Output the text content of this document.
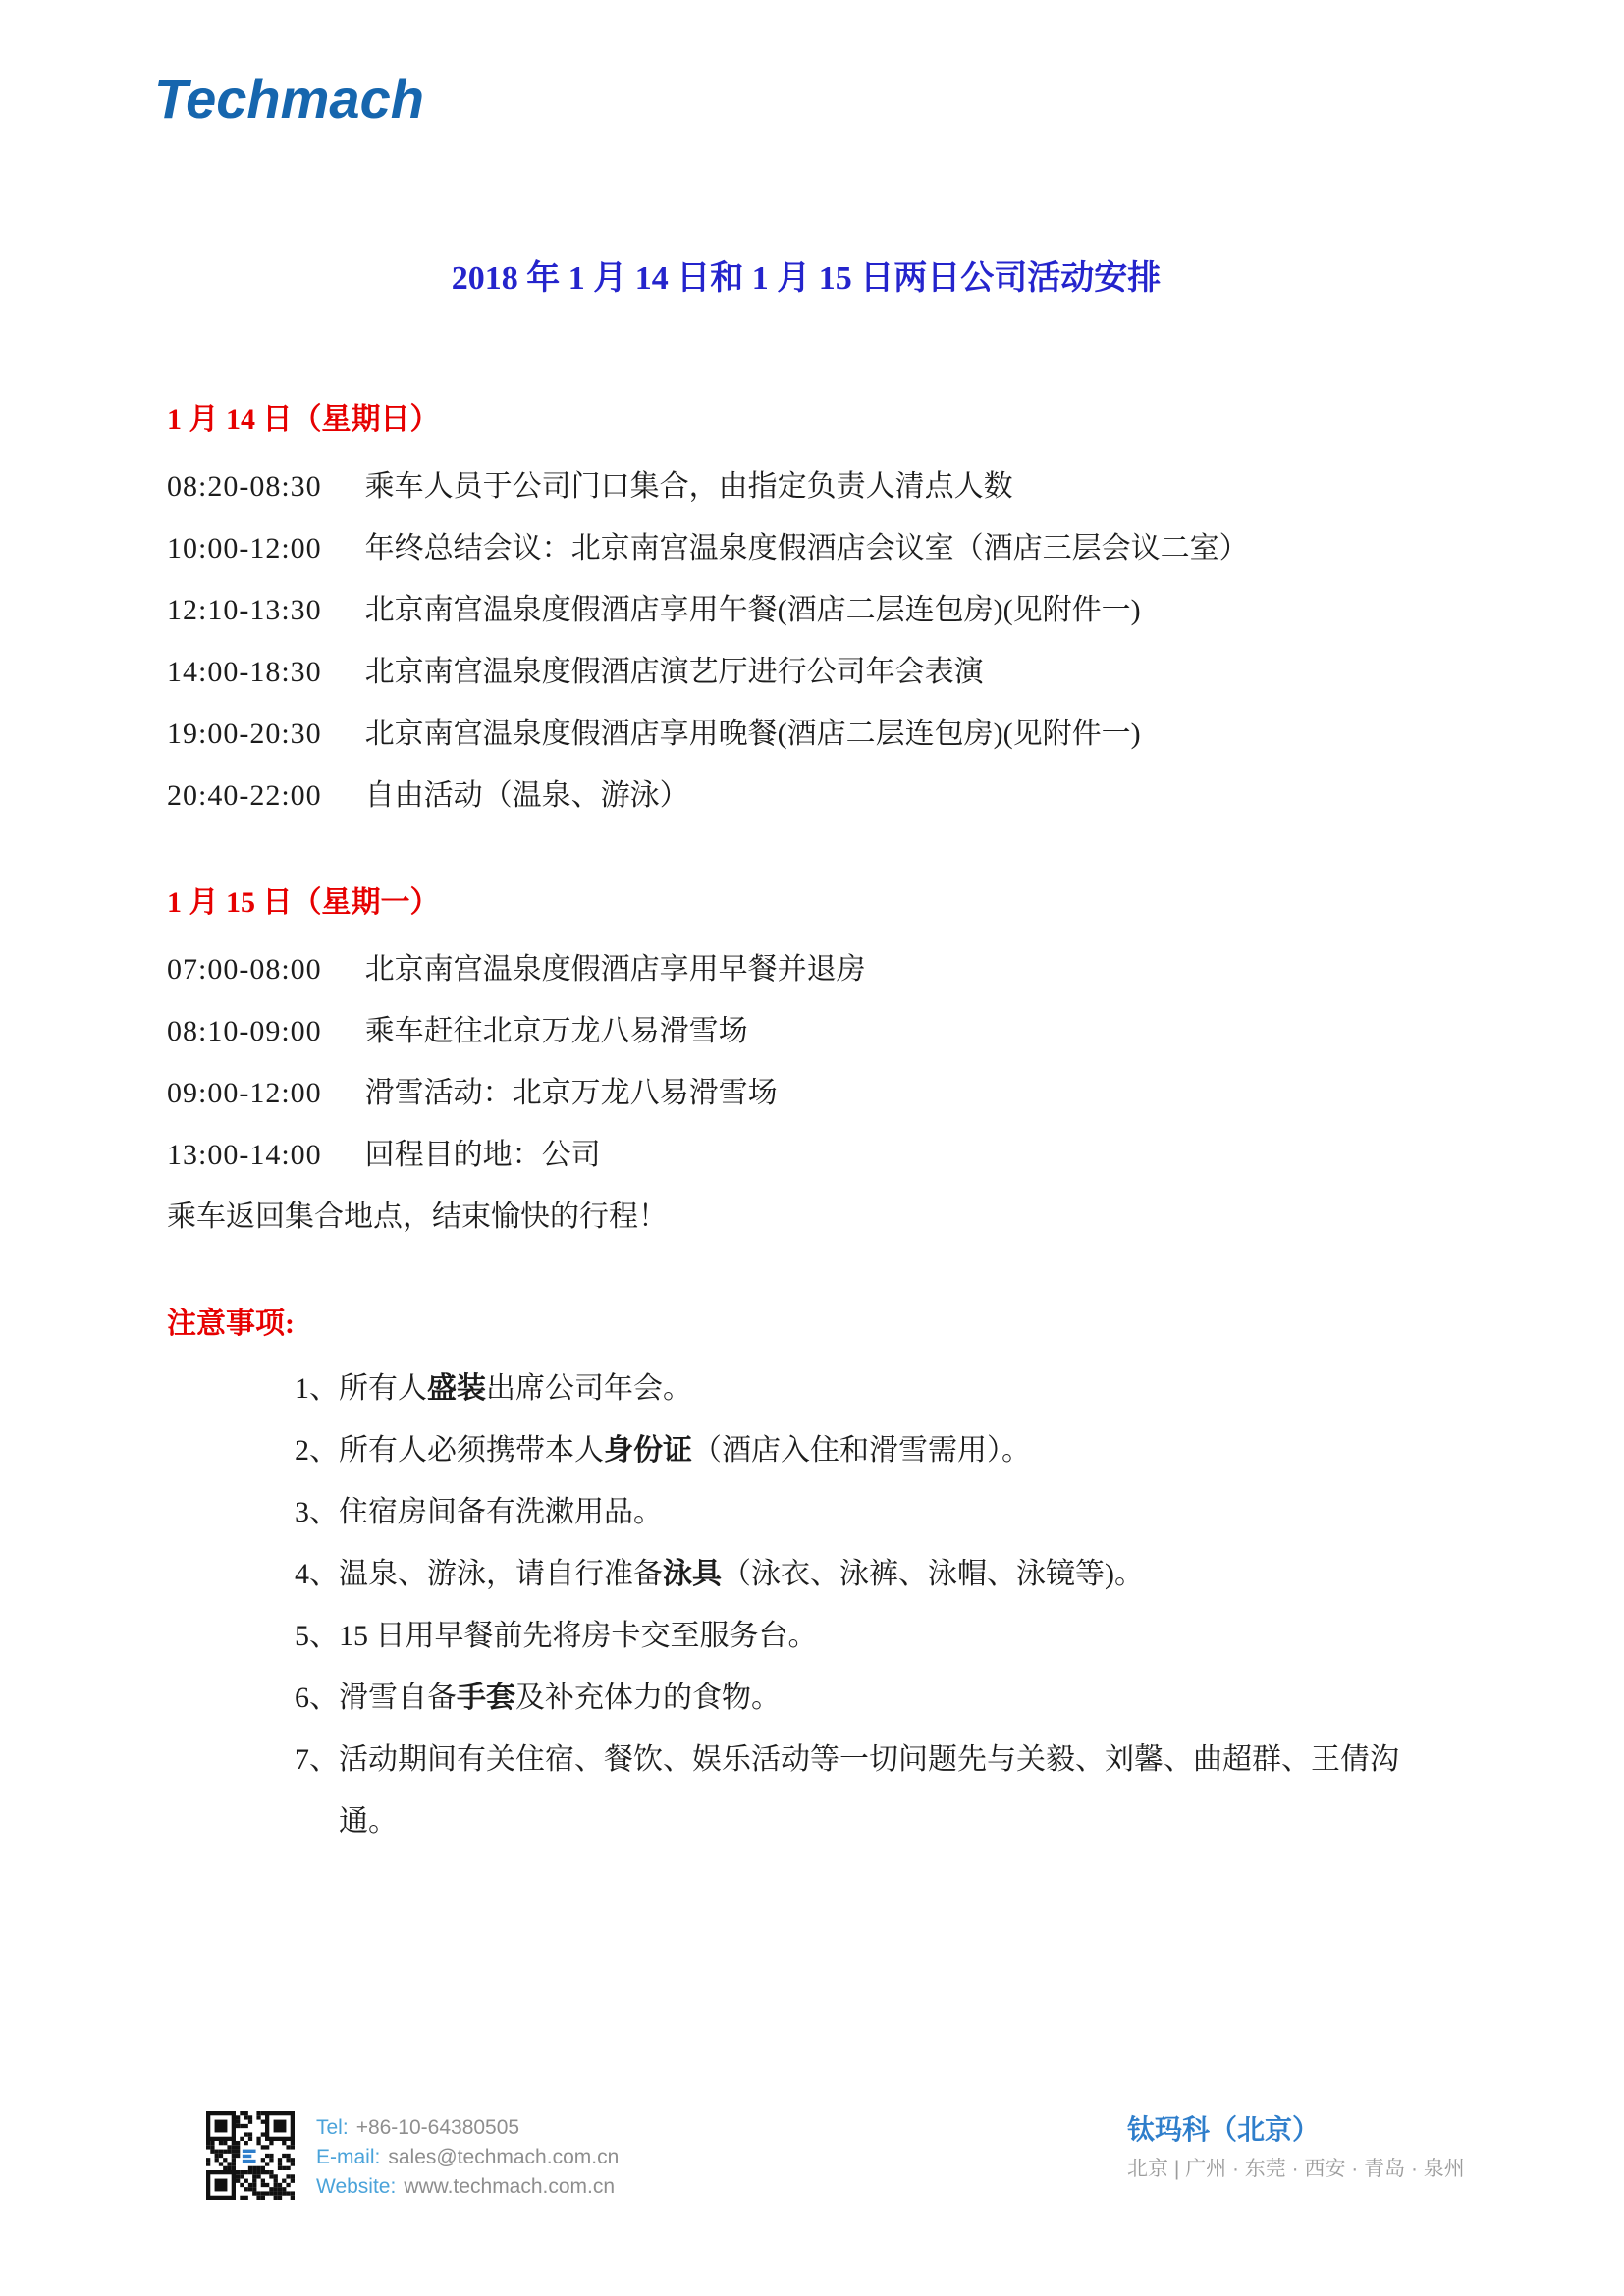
Techmach
2018 年 1 月 14 日和 1 月 15 日两日公司活动安排
1 月 14 日（星期日）

08:20-08:30 乘车人员于公司门口集合，由指定负责人清点人数

10:00-12:00 年终总结会议：北京南宫温泉度假酒店会议室（酒店三层会议二室）

12:10-13:30 北京南宫温泉度假酒店享用午餐(酒店二层连包房)(见附件一)

14:00-18:30 北京南宫温泉度假酒店演艺厅进行公司年会表演

19:00-20:30 北京南宫温泉度假酒店享用晚餐(酒店二层连包房)(见附件一)

20:40-22:00 自由活动（温泉、游泳）

1 月 15 日（星期一）

07:00-08:00 北京南宫温泉度假酒店享用早餐并退房

08:10-09:00 乘车赶往北京万龙八易滑雪场

09:00-12:00 滑雪活动：北京万龙八易滑雪场

13:00-14:00 回程目的地：公司

乘车返回集合地点，结束愉快的行程！

注意事项:

1、所有人盛装出席公司年会。

2、所有人必须携带本人身份证（酒店入住和滑雪需用）。

3、住宿房间备有洗漱用品。

4、温泉、游泳，请自行准备泳具（泳衣、泳裤、泳帽、泳镜等)。

5、15 日用早餐前先将房卡交至服务台。

6、滑雪自备手套及补充体力的食物。

7、活动期间有关住宿、餐饮、娱乐活动等一切问题先与关毅、刘馨、曲超群、王倩沟通。

Tel: +86-10-64380505
E-mail: sales@techmach.com.cn
Website: www.techmach.com.cn

钛玛科（北京）

北京 | 广州 · 东莞 · 西安 · 青岛 · 泉州
